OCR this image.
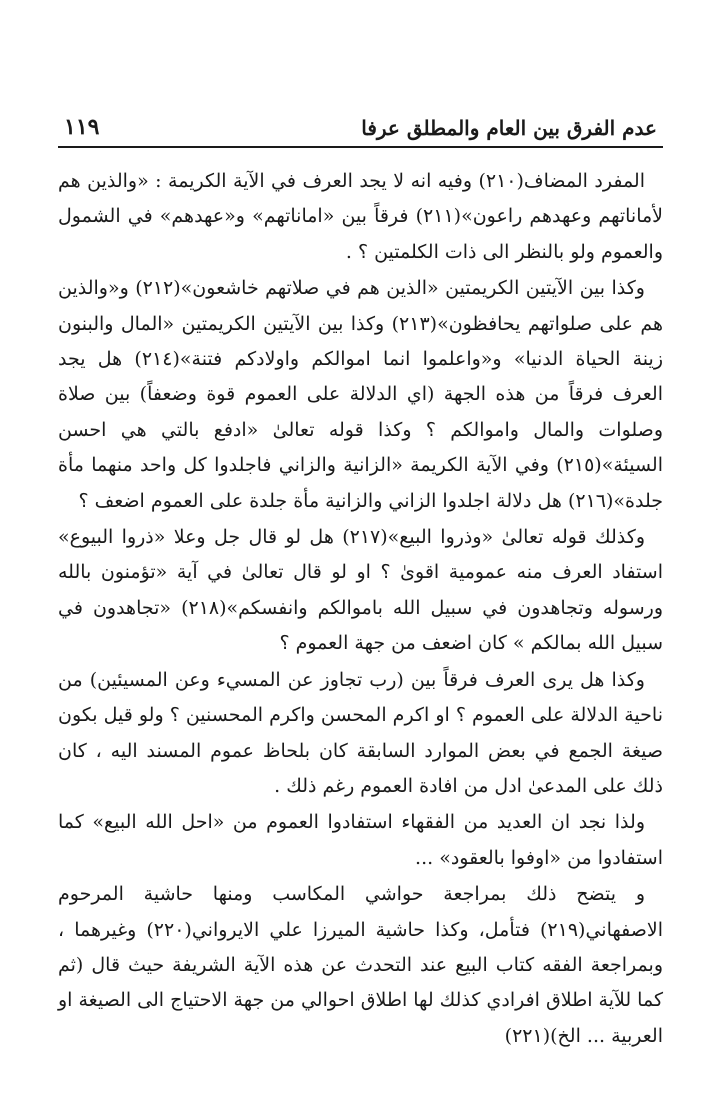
عدم الفرق بين العام والمطلق عرفا
١١٩

المفرد المضاف(٢١٠) وفيه انه لا يجد العرف في الآية الكريمة : «والذين هم لأماناتهم وعهدهم راعون»(٢١١) فرقاً بين «اماناتهم» و«عهدهم» في الشمول والعموم ولو بالنظر الى ذات الكلمتين ؟ .

وكذا بين الآيتين الكريمتين «الذين هم في صلاتهم خاشعون»(٢١٢) و«والذين هم على صلواتهم يحافظون»(٢١٣) وكذا بين الآيتين الكريمتين «المال والبنون زينة الحياة الدنيا» و«واعلموا انما اموالكم واولادكم فتنة»(٢١٤) هل يجد العرف فرقاً من هذه الجهة (اي الدلالة على العموم قوة وضعفاً) بين صلاة وصلوات والمال واموالكم ؟ وكذا قوله تعالىٰ «ادفع بالتي هي احسن السيئة»(٢١٥) وفي الآية الكريمة «الزانية والزاني فاجلدوا كل واحد منهما مأة جلدة»(٢١٦) هل دلالة اجلدوا الزاني والزانية مأة جلدة على العموم اضعف ؟

وكذلك قوله تعالىٰ «وذروا البيع»(٢١٧) هل لو قال جل وعلا «ذروا البيوع» استفاد العرف منه عمومية اقوىٰ ؟ او لو قال تعالىٰ في آية «تؤمنون بالله ورسوله وتجاهدون في سبيل الله باموالكم وانفسكم»(٢١٨) «تجاهدون في سبيل الله بمالكم » كان اضعف من جهة العموم ؟

وكذا هل يرى العرف فرقاً بين (رب تجاوز عن المسيء وعن المسيئين) من ناحية الدلالة على العموم ؟ او اكرم المحسن واكرم المحسنين ؟ ولو قيل بكون صيغة الجمع في بعض الموارد السابقة كان بلحاظ عموم المسند اليه ، كان ذلك على المدعىٰ ادل من افادة العموم رغم ذلك .

ولذا نجد ان العديد من الفقهاء استفادوا العموم من «احل الله البيع» كما استفادوا من «اوفوا بالعقود» ...

و يتضح ذلك بمراجعة حواشي المكاسب ومنها حاشية المرحوم الاصفهاني(٢١٩) فتأمل، وكذا حاشية الميرزا علي الايرواني(٢٢٠) وغيرهما ، وبمراجعة الفقه كتاب البيع عند التحدث عن هذه الآية الشريفة حيث قال (ثم كما للآية اطلاق افرادي كذلك لها اطلاق احوالي من جهة الاحتياج الى الصيغة او العربية ... الخ)(٢٢١)
